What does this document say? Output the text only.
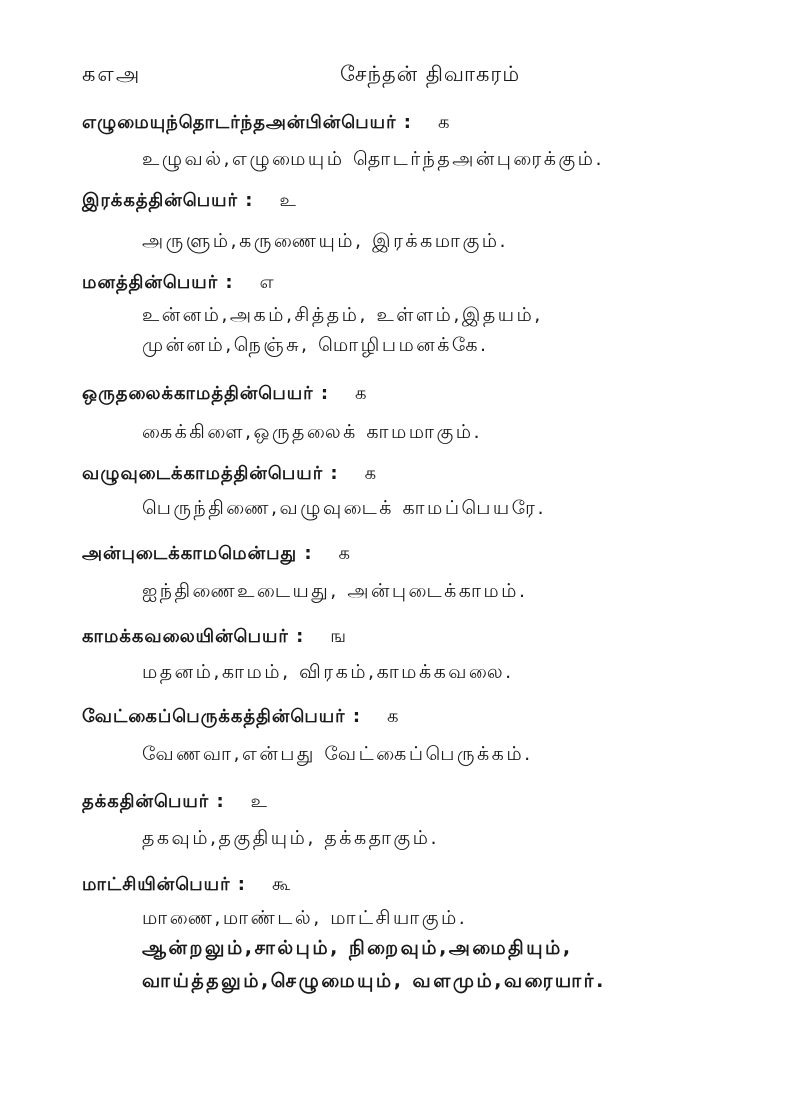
கஎஅ	சேந்தன் திவாகரம்
எழுமையுந்தொடர்ந்தஅன்பின்பெயர் : க
உழுவல்,எழுமையும் தொடர்ந்தஅன்புரைக்கும்.
இரக்கத்தின்பெயர் : உ
அருளும்,கருணையும், இரக்கமாகும்.
மனத்தின்பெயர் : எ
உன்னம்,அகம்,சித்தம், உள்ளம்,இதயம்,
முன்னம்,நெஞ்சு, மொழிபமனக்கே.
ஒருதலைக்காமத்தின்பெயர் : க
கைக்கிளை,ஒருதலைக் காமமாகும்.
வழுவுடைக்காமத்தின்பெயர் : க
பெருந்திணை,வழுவுடைக் காமப்பெயரே.
அன்புடைக்காமமென்பது : க
ஐந்திணைஉடையது, அன்புடைக்காமம்.
காமக்கவலையின்பெயர் : ங
மதனம்,காமம், விரகம்,காமக்கவலை.
வேட்கைப்பெருக்கத்தின்பெயர் : க
வேணவா,என்பது வேட்கைப்பெருக்கம்.
தக்கதின்பெயர் : உ
தகவும்,தகுதியும், தக்கதாகும்.
மாட்சியின்பெயர் : கூ
மாணை,மாண்டல், மாட்சியாகும்.
ஆன்றலும்,சால்பும், நிறைவும்,அமைதியும்,
வாய்த்தலும்,செழுமையும், வளமும்,வரையார்.
